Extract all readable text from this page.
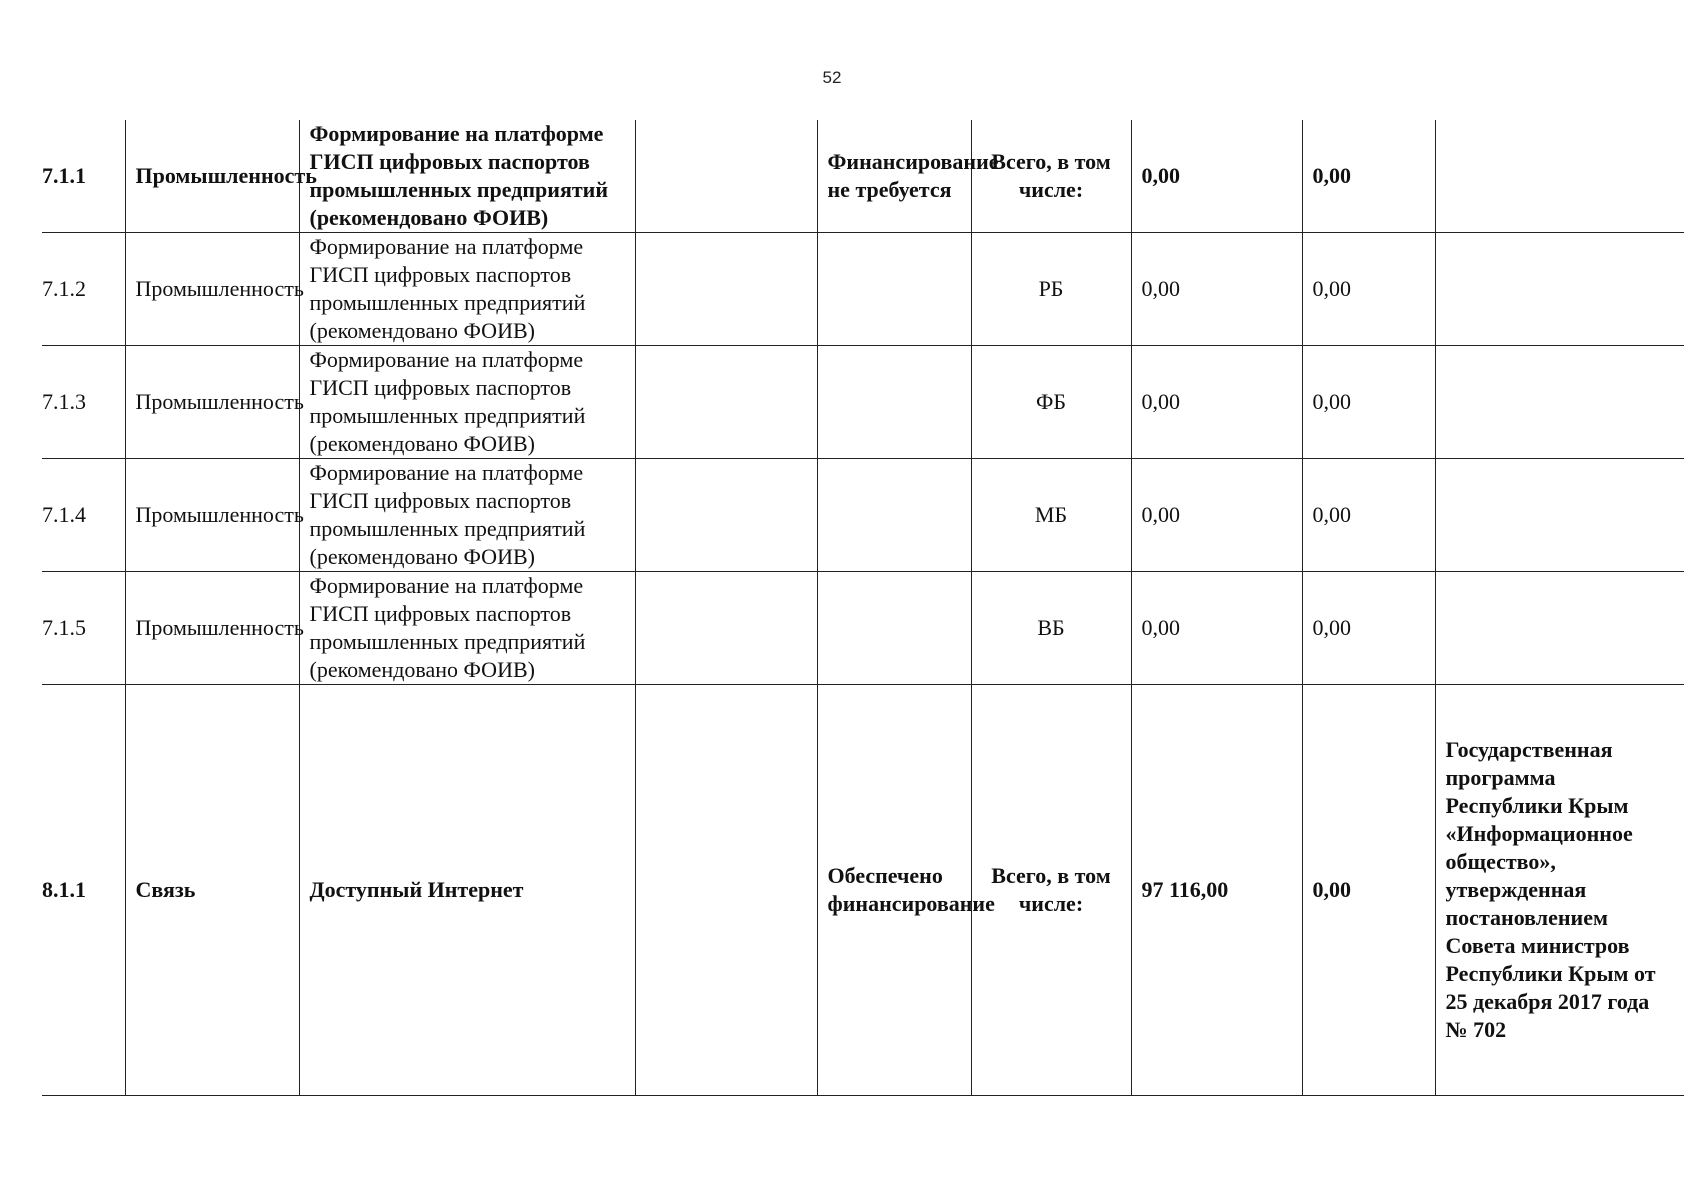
52
7.1.1	Промышленность	Формирование на платформе ГИСП цифровых паспортов промышленных предприятий (рекомендовано ФОИВ)		Финансирование не требуется	Всего, в том числе:	0,00	0,00	
7.1.2	Промышленность	Формирование на платформе ГИСП цифровых паспортов промышленных предприятий (рекомендовано ФОИВ)			РБ	0,00	0,00	
7.1.3	Промышленность	Формирование на платформе ГИСП цифровых паспортов промышленных предприятий (рекомендовано ФОИВ)			ФБ	0,00	0,00	
7.1.4	Промышленность	Формирование на платформе ГИСП цифровых паспортов промышленных предприятий (рекомендовано ФОИВ)			МБ	0,00	0,00	
7.1.5	Промышленность	Формирование на платформе ГИСП цифровых паспортов промышленных предприятий (рекомендовано ФОИВ)			ВБ	0,00	0,00	
8.1.1	Связь	Доступный Интернет		Обеспечено финансирование	Всего, в том числе:	97 116,00	0,00	Государственная программа Республики Крым «Информационное общество», утвержденная постановлением Совета министров Республики Крым от 25 декабря 2017 года № 702
